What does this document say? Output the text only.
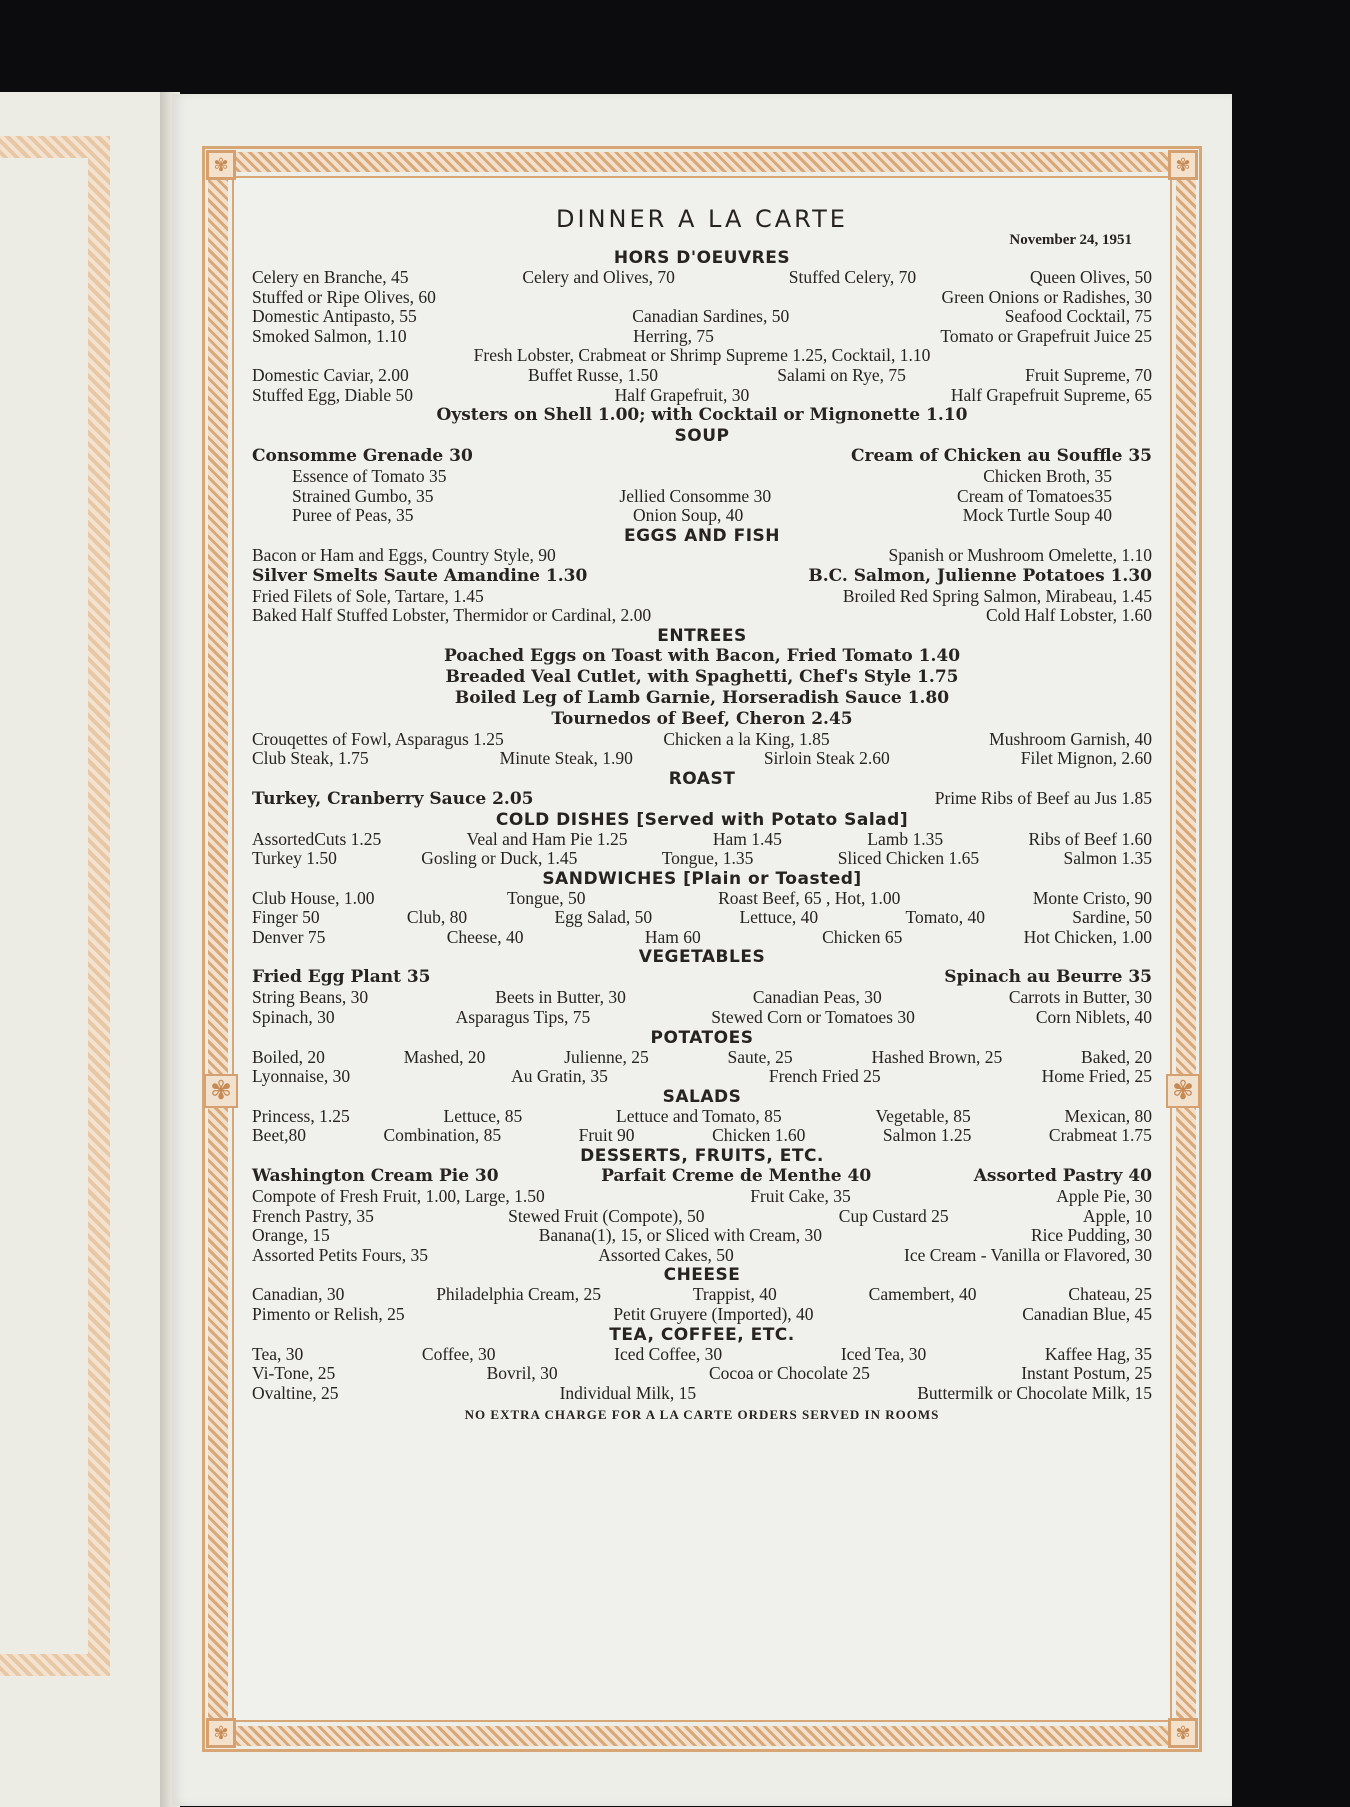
✾	✾
✾	✾
✾	✾
DINNER A LA CARTE
November 24, 1951
HORS D'OEUVRES
Celery en Branche, 45	Celery and Olives, 70	Stuffed Celery, 70	Queen Olives, 50
Stuffed or Ripe Olives, 60	Green Onions or Radishes, 30
Domestic Antipasto, 55	Canadian Sardines, 50	Seafood Cocktail, 75
Smoked Salmon, 1.10	Herring, 75	Tomato or Grapefruit Juice 25
Fresh Lobster, Crabmeat or Shrimp Supreme 1.25, Cocktail, 1.10
Domestic Caviar, 2.00	Buffet Russe, 1.50	Salami on Rye, 75	Fruit Supreme, 70
Stuffed Egg, Diable 50	Half Grapefruit, 30	Half Grapefruit Supreme, 65
Oysters on Shell 1.00; with Cocktail or Mignonette 1.10
SOUP
Consomme Grenade 30	Cream of Chicken au Souffle 35
Essence of Tomato 35	Chicken Broth, 35
Strained Gumbo, 35	Jellied Consomme 30	Cream of Tomatoes35
Puree of Peas, 35	Onion Soup, 40	Mock Turtle Soup 40
EGGS AND FISH
Bacon or Ham and Eggs, Country Style, 90	Spanish or Mushroom Omelette, 1.10
Silver Smelts Saute Amandine 1.30	B.C. Salmon, Julienne Potatoes 1.30
Fried Filets of Sole, Tartare, 1.45	Broiled Red Spring Salmon, Mirabeau, 1.45
Baked Half Stuffed Lobster, Thermidor or Cardinal, 2.00	Cold Half Lobster, 1.60
ENTREES
Poached Eggs on Toast with Bacon, Fried Tomato 1.40
Breaded Veal Cutlet, with Spaghetti, Chef's Style 1.75
Boiled Leg of Lamb Garnie, Horseradish Sauce 1.80
Tournedos of Beef, Cheron 2.45
Crouqettes of Fowl, Asparagus 1.25	Chicken a la King, 1.85	Mushroom Garnish, 40
Club Steak, 1.75	Minute Steak, 1.90	Sirloin Steak 2.60	Filet Mignon, 2.60
ROAST
Turkey, Cranberry Sauce 2.05	Prime Ribs of Beef au Jus 1.85
COLD DISHES [Served with Potato Salad]
AssortedCuts 1.25	Veal and Ham Pie 1.25	Ham 1.45	Lamb 1.35	Ribs of Beef 1.60
Turkey 1.50	Gosling or Duck, 1.45	Tongue, 1.35	Sliced Chicken 1.65	Salmon 1.35
SANDWICHES [Plain or Toasted]
Club House, 1.00	Tongue, 50	Roast Beef, 65 , Hot, 1.00	Monte Cristo, 90
Finger 50	Club, 80	Egg Salad, 50	Lettuce, 40	Tomato, 40	Sardine, 50
Denver 75	Cheese, 40	Ham 60	Chicken 65	Hot Chicken, 1.00
VEGETABLES
Fried Egg Plant 35	Spinach au Beurre 35
String Beans, 30	Beets in Butter, 30	Canadian Peas, 30	Carrots in Butter, 30
Spinach, 30	Asparagus Tips, 75	Stewed Corn or Tomatoes 30	Corn Niblets, 40
POTATOES
Boiled, 20	Mashed, 20	Julienne, 25	Saute, 25	Hashed Brown, 25	Baked, 20
Lyonnaise, 30	Au Gratin, 35	French Fried 25	Home Fried, 25
SALADS
Princess, 1.25	Lettuce, 85	Lettuce and Tomato, 85	Vegetable, 85	Mexican, 80
Beet,80	Combination, 85	Fruit 90	Chicken 1.60	Salmon 1.25	Crabmeat 1.75
DESSERTS, FRUITS, ETC.
Washington Cream Pie 30	Parfait Creme de Menthe 40	Assorted Pastry 40
Compote of Fresh Fruit, 1.00, Large, 1.50	Fruit Cake, 35	Apple Pie, 30
French Pastry, 35	Stewed Fruit (Compote), 50	Cup Custard 25	Apple, 10
Orange, 15	Banana(1), 15, or Sliced with Cream, 30	Rice Pudding, 30
Assorted Petits Fours, 35	Assorted Cakes, 50	Ice Cream - Vanilla or Flavored, 30
CHEESE
Canadian, 30	Philadelphia Cream, 25	Trappist, 40	Camembert, 40	Chateau, 25
Pimento or Relish, 25	Petit Gruyere (Imported), 40	Canadian Blue, 45
TEA, COFFEE, ETC.
Tea, 30	Coffee, 30	Iced Coffee, 30	Iced Tea, 30	Kaffee Hag, 35
Vi-Tone, 25	Bovril, 30	Cocoa or Chocolate 25	Instant Postum, 25
Ovaltine, 25	Individual Milk, 15	Buttermilk or Chocolate Milk, 15
NO EXTRA CHARGE FOR A LA CARTE ORDERS SERVED IN ROOMS
